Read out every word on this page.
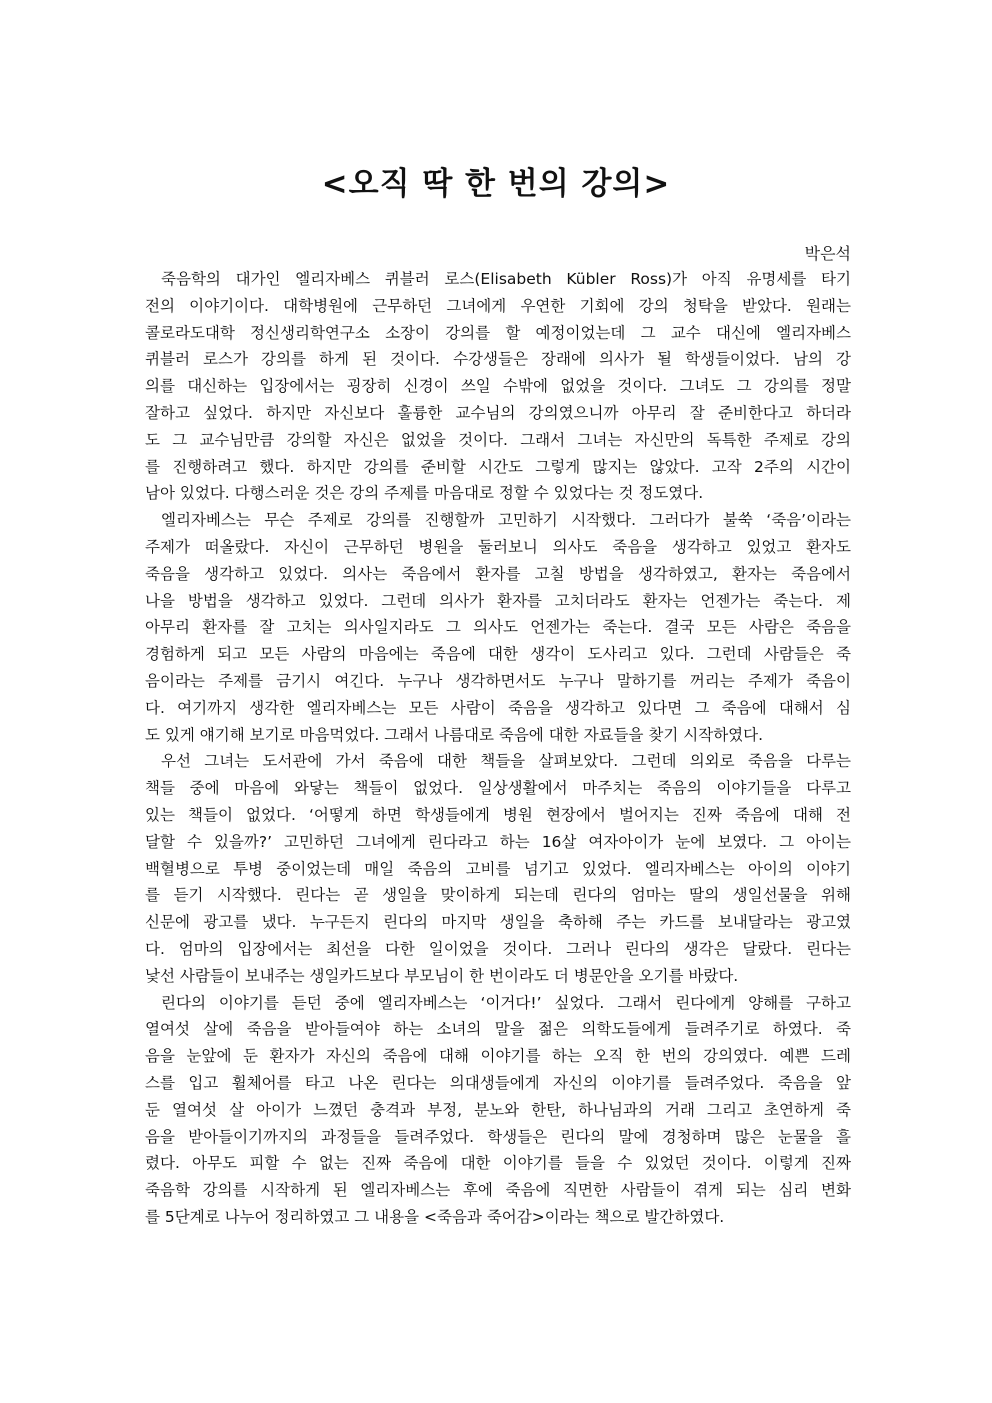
<오직 딱 한 번의 강의>
박은석
죽음학의 대가인 엘리자베스 퀴블러 로스(Elisabeth Kübler Ross)가 아직 유명세를 타기
전의 이야기이다. 대학병원에 근무하던 그녀에게 우연한 기회에 강의 청탁을 받았다. 원래는
콜로라도대학 정신생리학연구소 소장이 강의를 할 예정이었는데 그 교수 대신에 엘리자베스
퀴블러 로스가 강의를 하게 된 것이다. 수강생들은 장래에 의사가 될 학생들이었다. 남의 강
의를 대신하는 입장에서는 굉장히 신경이 쓰일 수밖에 없었을 것이다. 그녀도 그 강의를 정말
잘하고 싶었다. 하지만 자신보다 훌륭한 교수님의 강의였으니까 아무리 잘 준비한다고 하더라
도 그 교수님만큼 강의할 자신은 없었을 것이다. 그래서 그녀는 자신만의 독특한 주제로 강의
를 진행하려고 했다. 하지만 강의를 준비할 시간도 그렇게 많지는 않았다. 고작 2주의 시간이
남아 있었다. 다행스러운 것은 강의 주제를 마음대로 정할 수 있었다는 것 정도였다.
엘리자베스는 무슨 주제로 강의를 진행할까 고민하기 시작했다. 그러다가 불쑥 ‘죽음’이라는
주제가 떠올랐다. 자신이 근무하던 병원을 둘러보니 의사도 죽음을 생각하고 있었고 환자도
죽음을 생각하고 있었다. 의사는 죽음에서 환자를 고칠 방법을 생각하였고, 환자는 죽음에서
나을 방법을 생각하고 있었다. 그런데 의사가 환자를 고치더라도 환자는 언젠가는 죽는다. 제
아무리 환자를 잘 고치는 의사일지라도 그 의사도 언젠가는 죽는다. 결국 모든 사람은 죽음을
경험하게 되고 모든 사람의 마음에는 죽음에 대한 생각이 도사리고 있다. 그런데 사람들은 죽
음이라는 주제를 금기시 여긴다. 누구나 생각하면서도 누구나 말하기를 꺼리는 주제가 죽음이
다. 여기까지 생각한 엘리자베스는 모든 사람이 죽음을 생각하고 있다면 그 죽음에 대해서 심
도 있게 얘기해 보기로 마음먹었다. 그래서 나름대로 죽음에 대한 자료들을 찾기 시작하였다.
우선 그녀는 도서관에 가서 죽음에 대한 책들을 살펴보았다. 그런데 의외로 죽음을 다루는
책들 중에 마음에 와닿는 책들이 없었다. 일상생활에서 마주치는 죽음의 이야기들을 다루고
있는 책들이 없었다. ‘어떻게 하면 학생들에게 병원 현장에서 벌어지는 진짜 죽음에 대해 전
달할 수 있을까?’ 고민하던 그녀에게 린다라고 하는 16살 여자아이가 눈에 보였다. 그 아이는
백혈병으로 투병 중이었는데 매일 죽음의 고비를 넘기고 있었다. 엘리자베스는 아이의 이야기
를 듣기 시작했다. 린다는 곧 생일을 맞이하게 되는데 린다의 엄마는 딸의 생일선물을 위해
신문에 광고를 냈다. 누구든지 린다의 마지막 생일을 축하해 주는 카드를 보내달라는 광고였
다. 엄마의 입장에서는 최선을 다한 일이었을 것이다. 그러나 린다의 생각은 달랐다. 린다는
낯선 사람들이 보내주는 생일카드보다 부모님이 한 번이라도 더 병문안을 오기를 바랐다.
린다의 이야기를 듣던 중에 엘리자베스는 ‘이거다!’ 싶었다. 그래서 린다에게 양해를 구하고
열여섯 살에 죽음을 받아들여야 하는 소녀의 말을 젊은 의학도들에게 들려주기로 하였다. 죽
음을 눈앞에 둔 환자가 자신의 죽음에 대해 이야기를 하는 오직 한 번의 강의였다. 예쁜 드레
스를 입고 휠체어를 타고 나온 린다는 의대생들에게 자신의 이야기를 들려주었다. 죽음을 앞
둔 열여섯 살 아이가 느꼈던 충격과 부정, 분노와 한탄, 하나님과의 거래 그리고 초연하게 죽
음을 받아들이기까지의 과정들을 들려주었다. 학생들은 린다의 말에 경청하며 많은 눈물을 흘
렸다. 아무도 피할 수 없는 진짜 죽음에 대한 이야기를 들을 수 있었던 것이다. 이렇게 진짜
죽음학 강의를 시작하게 된 엘리자베스는 후에 죽음에 직면한 사람들이 겪게 되는 심리 변화
를 5단계로 나누어 정리하였고 그 내용을 <죽음과 죽어감>이라는 책으로 발간하였다.
